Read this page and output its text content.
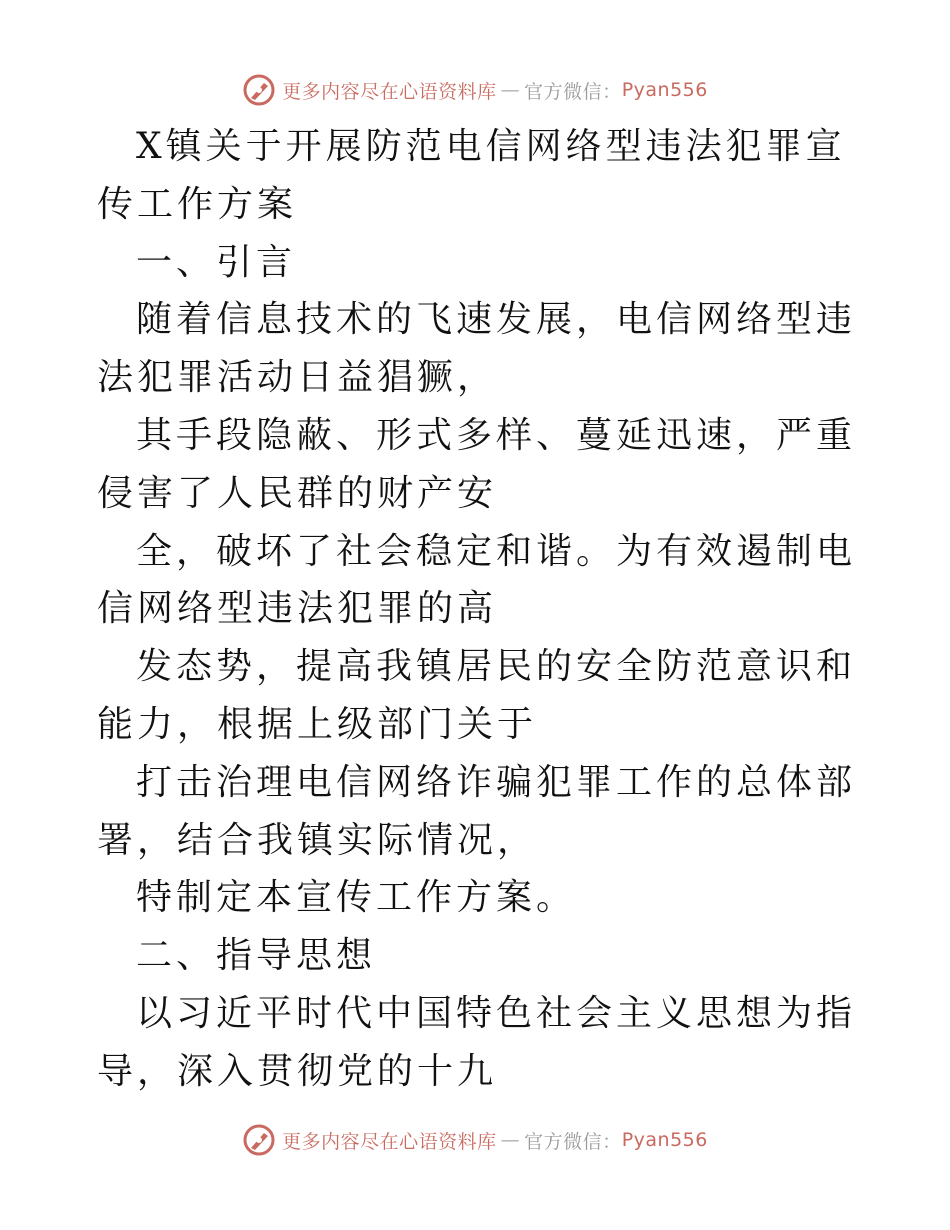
更多内容尽在心语资料库 — 官方微信： Pyan556

X镇关于开展防范电信网络型违法犯罪宣传工作方案

一、引言

随着信息技术的飞速发展，电信网络型违法犯罪活动日益猖獗，

其手段隐蔽、形式多样、蔓延迅速，严重侵害了人民群的财产安

全，破坏了社会稳定和谐。为有效遏制电信网络型违法犯罪的高

发态势，提高我镇居民的安全防范意识和能力，根据上级部门关于

打击治理电信网络诈骗犯罪工作的总体部署，结合我镇实际情况，

特制定本宣传工作方案。

二、指导思想

以习近平时代中国特色社会主义思想为指导，深入贯彻党的十九

更多内容尽在心语资料库 — 官方微信： Pyan556
